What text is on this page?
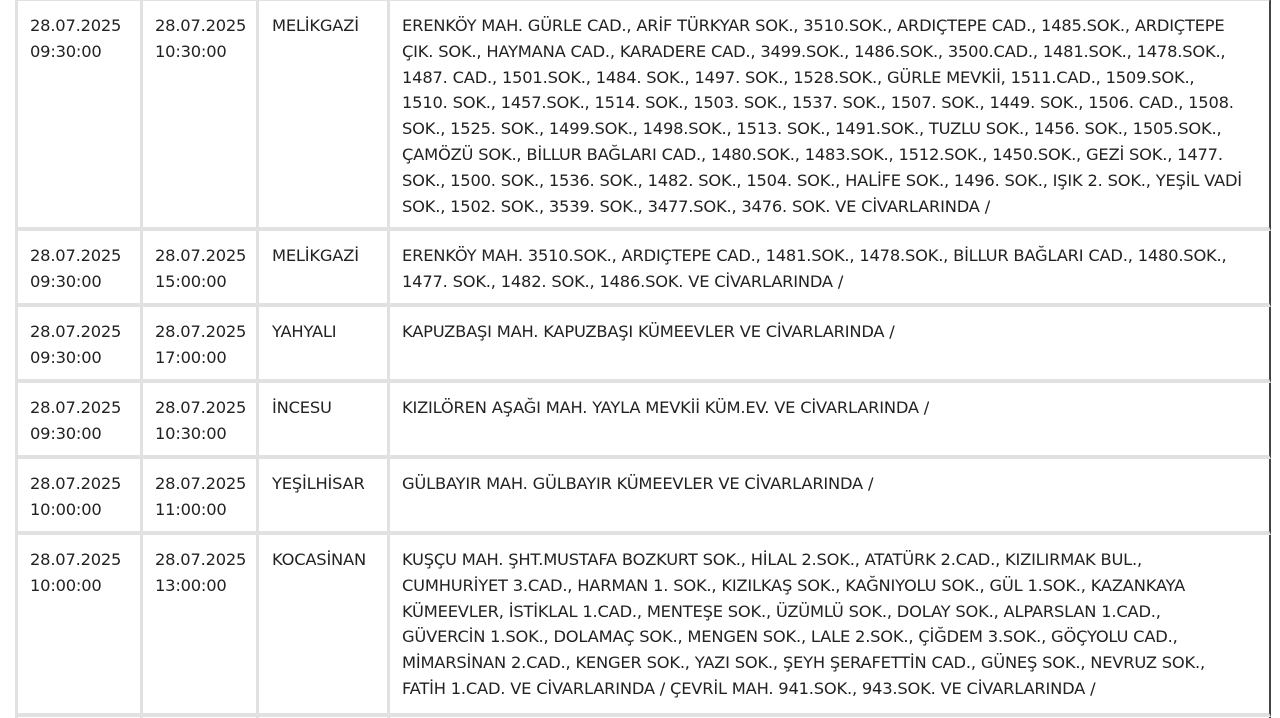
28.07.2025
09:30:00	28.07.2025
10:30:00	MELİKGAZİ	ERENKÖY MAH. GÜRLE CAD., ARİF TÜRKYAR SOK., 3510.SOK., ARDIÇTEPE CAD., 1485.SOK., ARDIÇTEPE ÇIK. SOK., HAYMANA CAD., KARADERE CAD., 3499.SOK., 1486.SOK., 3500.CAD., 1481.SOK., 1478.SOK., 1487. CAD., 1501.SOK., 1484. SOK., 1497. SOK., 1528.SOK., GÜRLE MEVKİİ, 1511.CAD., 1509.SOK., 1510. SOK., 1457.SOK., 1514. SOK., 1503. SOK., 1537. SOK., 1507. SOK., 1449. SOK., 1506. CAD., 1508. SOK., 1525. SOK., 1499.SOK., 1498.SOK., 1513. SOK., 1491.SOK., TUZLU SOK., 1456. SOK., 1505.SOK., ÇAMÖZÜ SOK., BİLLUR BAĞLARI CAD., 1480.SOK., 1483.SOK., 1512.SOK., 1450.SOK., GEZİ SOK., 1477. SOK., 1500. SOK., 1536. SOK., 1482. SOK., 1504. SOK., HALİFE SOK., 1496. SOK., IŞIK 2. SOK., YEŞİL VADİ SOK., 1502. SOK., 3539. SOK., 3477.SOK., 3476. SOK. VE CİVARLARINDA /

28.07.2025
09:30:00	28.07.2025
15:00:00	MELİKGAZİ	ERENKÖY MAH. 3510.SOK., ARDIÇTEPE CAD., 1481.SOK., 1478.SOK., BİLLUR BAĞLARI CAD., 1480.SOK., 1477. SOK., 1482. SOK., 1486.SOK. VE CİVARLARINDA /

28.07.2025
09:30:00	28.07.2025
17:00:00	YAHYALI	KAPUZBAŞI MAH. KAPUZBAŞI KÜMEEVLER VE CİVARLARINDA /

28.07.2025
09:30:00	28.07.2025
10:30:00	İNCESU	KIZILÖREN AŞAĞI MAH. YAYLA MEVKİİ KÜM.EV. VE CİVARLARINDA /

28.07.2025
10:00:00	28.07.2025
11:00:00	YEŞİLHİSAR	GÜLBAYIR MAH. GÜLBAYIR KÜMEEVLER VE CİVARLARINDA /

28.07.2025
10:00:00	28.07.2025
13:00:00	KOCASİNAN	KUŞÇU MAH. ŞHT.MUSTAFA BOZKURT SOK., HİLAL 2.SOK., ATATÜRK 2.CAD., KIZILIRMAK BUL., CUMHURİYET 3.CAD., HARMAN 1. SOK., KIZILKAŞ SOK., KAĞNIYOLU SOK., GÜL 1.SOK., KAZANKAYA KÜMEEVLER, İSTİKLAL 1.CAD., MENTEŞE SOK., ÜZÜMLÜ SOK., DOLAY SOK., ALPARSLAN 1.CAD., GÜVERCİN 1.SOK., DOLAMAÇ SOK., MENGEN SOK., LALE 2.SOK., ÇİĞDEM 3.SOK., GÖÇYOLU CAD., MİMARSİNAN 2.CAD., KENGER SOK., YAZI SOK., ŞEYH ŞERAFETTİN CAD., GÜNEŞ SOK., NEVRUZ SOK., FATİH 1.CAD. VE CİVARLARINDA / ÇEVRİL MAH. 941.SOK., 943.SOK. VE CİVARLARINDA /
